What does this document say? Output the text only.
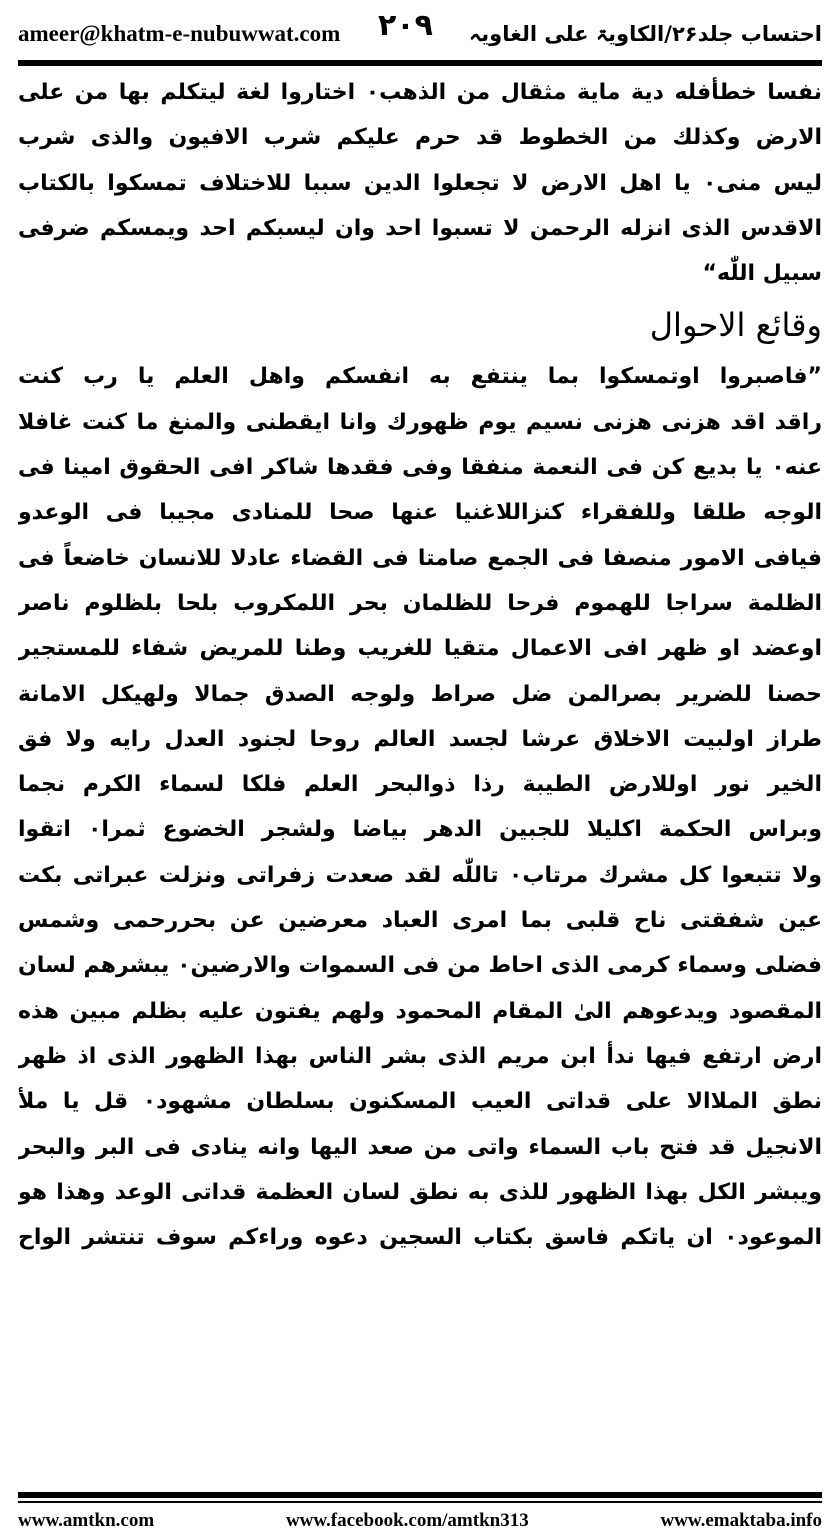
ameer@khatm-e-nubuwwat.com ۲۰۹ احتساب جلد۲۶/الکاویۃ علی الغاویہ
نفسا خطأفله دية ماية مثقال من الذهب۰ اختاروا لغة ليتكلم بها من على
الارض وكذلك من الخطوط قد حرم عليكم شرب الافيون والذى شرب
ليس منى۰ يا اهل الارض لا تجعلوا الدين سببا للاختلاف تمسكوا بالكتاب
الاقدس الذى انزله الرحمن لا تسبوا احد وان ليسبكم احد ويمسكم ضرفى
سبيل اللّٰه“
وقائع الاحوال
”فاصبروا اوتمسكوا بما ينتفع به انفسكم واهل العلم يا رب كنت
راقد اقد هزنى هزنى نسيم يوم ظهورك وانا ايقطنى والمنغ ما كنت غافلا
عنه۰ يا بديع كن فى النعمة منفقا وفى فقدها شاكر افى الحقوق امينا فى
الوجه طلقا وللفقراء كنزاللاغنيا عنها صحا للمنادى مجيبا فى الوعدو
فيافى الامور منصفا فى الجمع صامتا فى القضاء عادلا للانسان خاضعاً فى
الظلمة سراجا للهموم فرحا للظلمان بحر اللمكروب بلحا بلظلوم ناصر
اوعضد او ظهر افى الاعمال متقيا للغريب وطنا للمريض شفاء للمستجير
حصنا للضرير بصرالمن ضل صراط ولوجه الصدق جمالا ولهيكل الامانة
طراز اولبيت الاخلاق عرشا لجسد العالم روحا لجنود العدل رايه ولا فق
الخير نور اوللارض الطيبة رذا ذوالبحر العلم فلكا لسماء الكرم نجما
وبراس الحكمة اكليلا للجبين الدهر بياضا ولشجر الخضوع ثمرا۰ اتقوا
ولا تتبعوا كل مشرك مرتاب۰ تاللّٰه لقد صعدت زفراتى ونزلت عبراتى بكت
عين شفقتى ناح قلبى بما امرى العباد معرضين عن بحررحمى وشمس
فضلى وسماء كرمى الذى احاط من فى السموات والارضين۰ يبشرهم لسان
المقصود ويدعوهم الىٰ المقام المحمود ولهم يفتون عليه بظلم مبين هذه
ارض ارتفع فيها ندأ ابن مريم الذى بشر الناس بهذا الظهور الذى اذ ظهر
نطق الملاالا على قداتى العيب المسكنون بسلطان مشهود۰ قل يا ملأ
الانجيل قد فتح باب السماء واتى من صعد اليها وانه ينادى فى البر والبحر
ويبشر الكل بهذا الظهور للذى به نطق لسان العظمة قداتى الوعد وهذا هو
الموعود۰ ان ياتكم فاسق بكتاب السجين دعوه وراءكم سوف تنتشر الواح
www.amtkn.com	www.facebook.com/amtkn313	www.emaktaba.info
